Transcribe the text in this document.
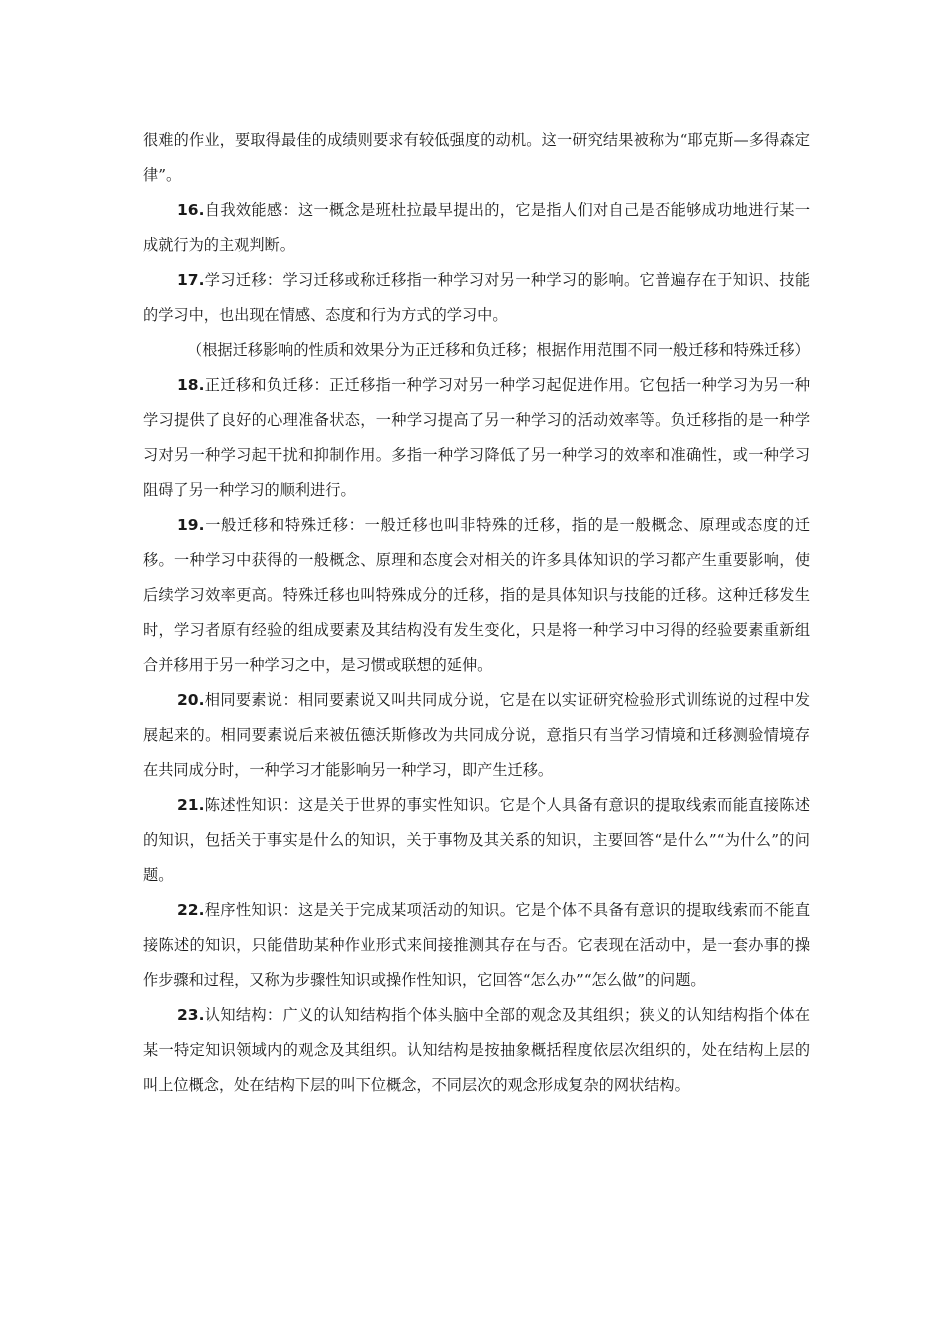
很难的作业，要取得最佳的成绩则要求有较低强度的动机。这一研究结果被称为“耶克斯—多得森定律”。

16.自我效能感：这一概念是班杜拉最早提出的，它是指人们对自己是否能够成功地进行某一成就行为的主观判断。

17.学习迁移：学习迁移或称迁移指一种学习对另一种学习的影响。它普遍存在于知识、技能的学习中，也出现在情感、态度和行为方式的学习中。

（根据迁移影响的性质和效果分为正迁移和负迁移；根据作用范围不同一般迁移和特殊迁移）

18.正迁移和负迁移：正迁移指一种学习对另一种学习起促进作用。它包括一种学习为另一种学习提供了良好的心理准备状态，一种学习提高了另一种学习的活动效率等。负迁移指的是一种学习对另一种学习起干扰和抑制作用。多指一种学习降低了另一种学习的效率和准确性，或一种学习阻碍了另一种学习的顺利进行。

19.一般迁移和特殊迁移：一般迁移也叫非特殊的迁移，指的是一般概念、原理或态度的迁移。一种学习中获得的一般概念、原理和态度会对相关的许多具体知识的学习都产生重要影响，使后续学习效率更高。特殊迁移也叫特殊成分的迁移，指的是具体知识与技能的迁移。这种迁移发生时，学习者原有经验的组成要素及其结构没有发生变化，只是将一种学习中习得的经验要素重新组合并移用于另一种学习之中，是习惯或联想的延伸。

20.相同要素说：相同要素说又叫共同成分说，它是在以实证研究检验形式训练说的过程中发展起来的。相同要素说后来被伍德沃斯修改为共同成分说，意指只有当学习情境和迁移测验情境存在共同成分时，一种学习才能影响另一种学习，即产生迁移。

21.陈述性知识：这是关于世界的事实性知识。它是个人具备有意识的提取线索而能直接陈述的知识，包括关于事实是什么的知识，关于事物及其关系的知识，主要回答“是什么”“为什么”的问题。

22.程序性知识：这是关于完成某项活动的知识。它是个体不具备有意识的提取线索而不能直接陈述的知识，只能借助某种作业形式来间接推测其存在与否。它表现在活动中，是一套办事的操作步骤和过程，又称为步骤性知识或操作性知识，它回答“怎么办”“怎么做”的问题。

23.认知结构：广义的认知结构指个体头脑中全部的观念及其组织；狭义的认知结构指个体在某一特定知识领域内的观念及其组织。认知结构是按抽象概括程度依层次组织的，处在结构上层的叫上位概念，处在结构下层的叫下位概念，不同层次的观念形成复杂的网状结构。
